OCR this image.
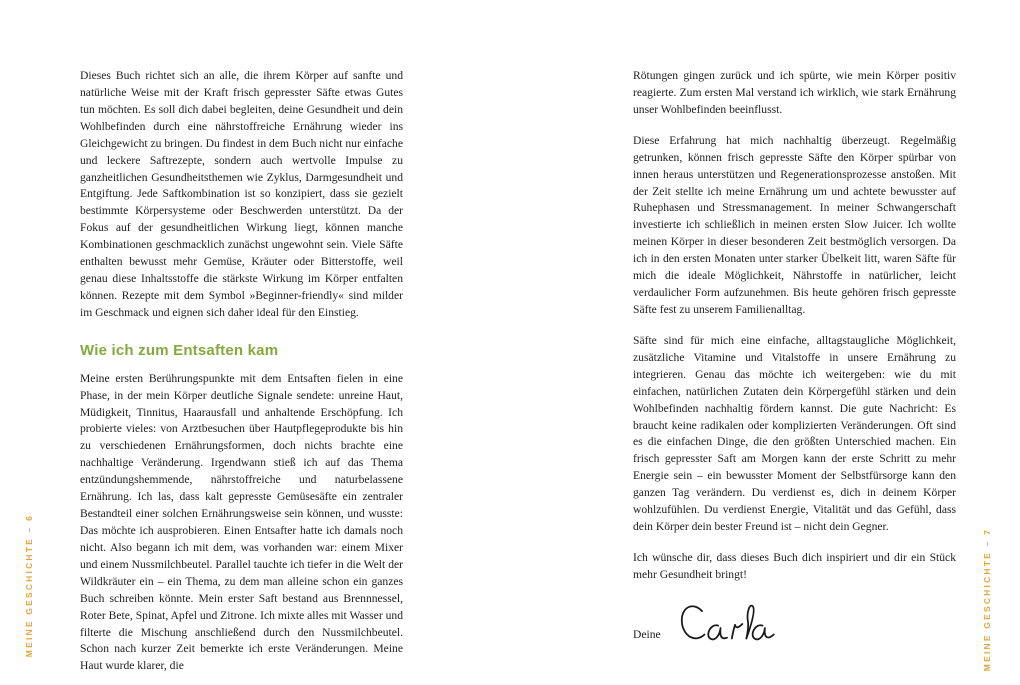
MEINE GESCHICHTE – 6

Dieses Buch richtet sich an alle, die ihrem Körper auf sanfte und natürliche Weise mit der Kraft frisch gepresster Säfte etwas Gutes tun möchten. Es soll dich dabei begleiten, deine Gesundheit und dein Wohlbefinden durch eine nährstoffreiche Ernährung wieder ins Gleichgewicht zu bringen. Du findest in dem Buch nicht nur einfache und leckere Saftrezepte, sondern auch wertvolle Impulse zu ganzheitlichen Gesundheitsthemen wie Zyklus, Darmgesundheit und Entgiftung. Jede Saftkombination ist so konzipiert, dass sie gezielt bestimmte Körpersysteme oder Beschwerden unterstützt. Da der Fokus auf der gesundheitlichen Wirkung liegt, können manche Kombinationen geschmacklich zunächst ungewohnt sein. Viele Säfte enthalten bewusst mehr Gemüse, Kräuter oder Bitterstoffe, weil genau diese Inhaltsstoffe die stärkste Wirkung im Körper entfalten können. Rezepte mit dem Symbol »Beginner-friendly« sind milder im Geschmack und eignen sich daher ideal für den Einstieg.

Wie ich zum Entsaften kam

Meine ersten Berührungspunkte mit dem Entsaften fielen in eine Phase, in der mein Körper deutliche Signale sendete: unreine Haut, Müdigkeit, Tinnitus, Haarausfall und anhaltende Erschöpfung. Ich probierte vieles: von Arztbesuchen über Hautpflegeprodukte bis hin zu verschiedenen Ernährungsformen, doch nichts brachte eine nachhaltige Veränderung. Irgendwann stieß ich auf das Thema entzündungshemmende, nährstoffreiche und naturbelassene Ernährung. Ich las, dass kalt gepresste Gemüsesäfte ein zentraler Bestandteil einer solchen Ernährungsweise sein können, und wusste: Das möchte ich ausprobieren. Einen Entsafter hatte ich damals noch nicht. Also begann ich mit dem, was vorhanden war: einem Mixer und einem Nussmilchbeutel. Parallel tauchte ich tiefer in die Welt der Wildkräuter ein – ein Thema, zu dem man alleine schon ein ganzes Buch schreiben könnte. Mein erster Saft bestand aus Brennnessel, Roter Bete, Spinat, Apfel und Zitrone. Ich mixte alles mit Wasser und filterte die Mischung anschließend durch den Nussmilchbeutel. Schon nach kurzer Zeit bemerkte ich erste Veränderungen. Meine Haut wurde klarer, die

Rötungen gingen zurück und ich spürte, wie mein Körper positiv reagierte. Zum ersten Mal verstand ich wirklich, wie stark Ernährung unser Wohlbefinden beeinflusst.

Diese Erfahrung hat mich nachhaltig überzeugt. Regelmäßig getrunken, können frisch gepresste Säfte den Körper spürbar von innen heraus unterstützen und Regenerationsprozesse anstoßen. Mit der Zeit stellte ich meine Ernährung um und achtete bewusster auf Ruhephasen und Stressmanagement. In meiner Schwangerschaft investierte ich schließlich in meinen ersten Slow Juicer. Ich wollte meinen Körper in dieser besonderen Zeit bestmöglich versorgen. Da ich in den ersten Monaten unter starker Übelkeit litt, waren Säfte für mich die ideale Möglichkeit, Nährstoffe in natürlicher, leicht verdaulicher Form aufzunehmen. Bis heute gehören frisch gepresste Säfte fest zu unserem Familienalltag.

Säfte sind für mich eine einfache, alltagstaugliche Möglichkeit, zusätzliche Vitamine und Vitalstoffe in unsere Ernährung zu integrieren. Genau das möchte ich weitergeben: wie du mit einfachen, natürlichen Zutaten dein Körpergefühl stärken und dein Wohlbefinden nachhaltig fördern kannst. Die gute Nachricht: Es braucht keine radikalen oder komplizierten Veränderungen. Oft sind es die einfachen Dinge, die den größten Unterschied machen. Ein frisch gepresster Saft am Morgen kann der erste Schritt zu mehr Energie sein – ein bewusster Moment der Selbstfürsorge kann den ganzen Tag verändern. Du verdienst es, dich in deinem Körper wohlzufühlen. Du verdienst Energie, Vitalität und das Gefühl, dass dein Körper dein bester Freund ist – nicht dein Gegner.

Ich wünsche dir, dass dieses Buch dich inspiriert und dir ein Stück mehr Gesundheit bringt!

Deine	MEINE GESCHICHTE – 7
